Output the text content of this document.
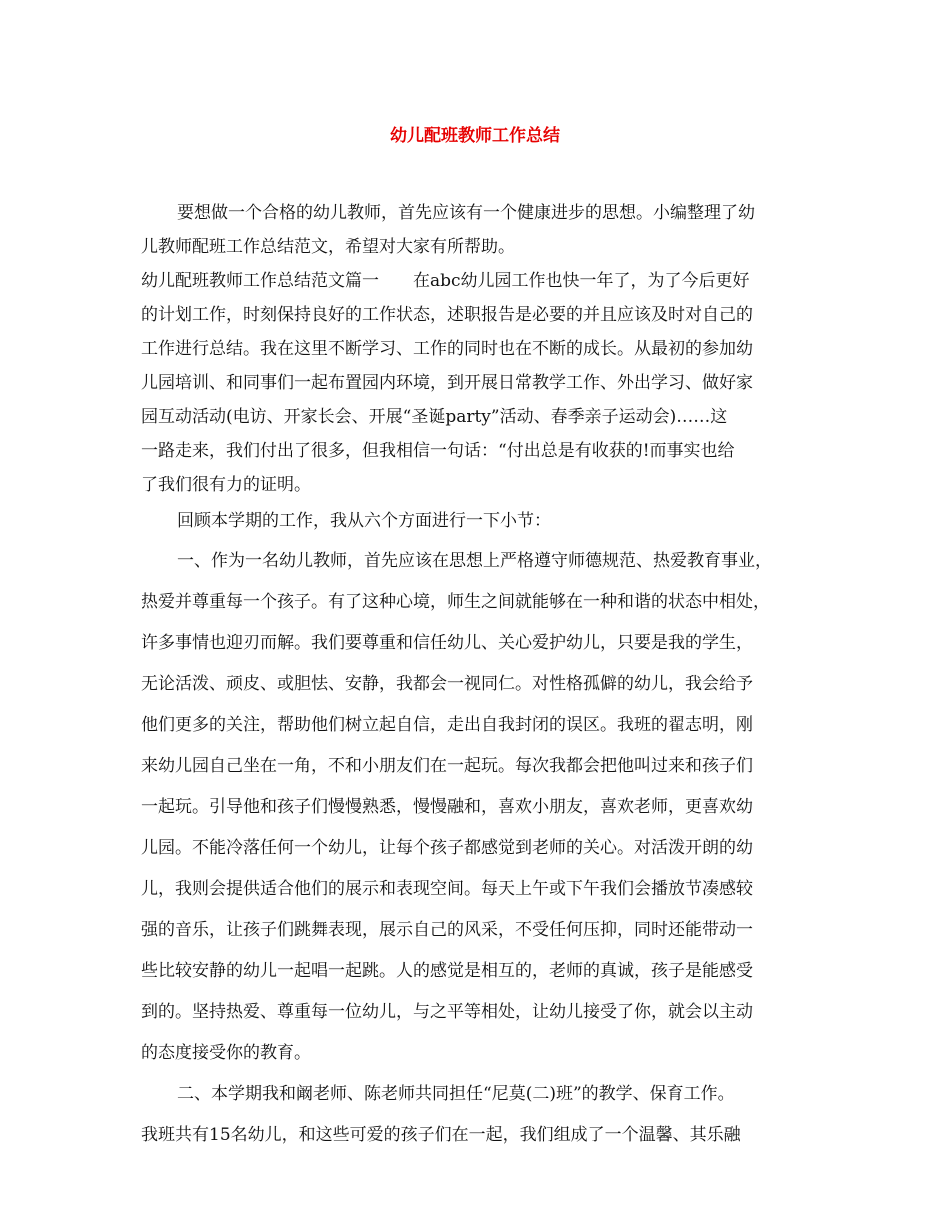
幼儿配班教师工作总结

要想做一个合格的幼儿教师，首先应该有一个健康进步的思想。小编整理了幼

儿教师配班工作总结范文，希望对大家有所帮助。

幼儿配班教师工作总结范文篇一　　在abc幼儿园工作也快一年了，为了今后更好

的计划工作，时刻保持良好的工作状态，述职报告是必要的并且应该及时对自己的

工作进行总结。我在这里不断学习、工作的同时也在不断的成长。从最初的参加幼

儿园培训、和同事们一起布置园内环境，到开展日常教学工作、外出学习、做好家

园互动活动(电访、开家长会、开展“圣诞party”活动、春季亲子运动会)……这

一路走来，我们付出了很多，但我相信一句话：“付出总是有收获的!而事实也给

了我们很有力的证明。

回顾本学期的工作，我从六个方面进行一下小节：

一、作为一名幼儿教师，首先应该在思想上严格遵守师德规范、热爱教育事业，

热爱并尊重每一个孩子。有了这种心境，师生之间就能够在一种和谐的状态中相处，

许多事情也迎刃而解。我们要尊重和信任幼儿、关心爱护幼儿，只要是我的学生，

无论活泼、顽皮、或胆怯、安静，我都会一视同仁。对性格孤僻的幼儿，我会给予

他们更多的关注，帮助他们树立起自信，走出自我封闭的误区。我班的翟志明，刚

来幼儿园自己坐在一角，不和小朋友们在一起玩。每次我都会把他叫过来和孩子们

一起玩。引导他和孩子们慢慢熟悉，慢慢融和，喜欢小朋友，喜欢老师，更喜欢幼

儿园。不能冷落任何一个幼儿，让每个孩子都感觉到老师的关心。对活泼开朗的幼

儿，我则会提供适合他们的展示和表现空间。每天上午或下午我们会播放节凑感较

强的音乐，让孩子们跳舞表现，展示自己的风采，不受任何压抑，同时还能带动一

些比较安静的幼儿一起唱一起跳。人的感觉是相互的，老师的真诚，孩子是能感受

到的。坚持热爱、尊重每一位幼儿，与之平等相处，让幼儿接受了你，就会以主动

的态度接受你的教育。

二、本学期我和阚老师、陈老师共同担任“尼莫(二)班”的教学、保育工作。

我班共有15名幼儿，和这些可爱的孩子们在一起，我们组成了一个温馨、其乐融
